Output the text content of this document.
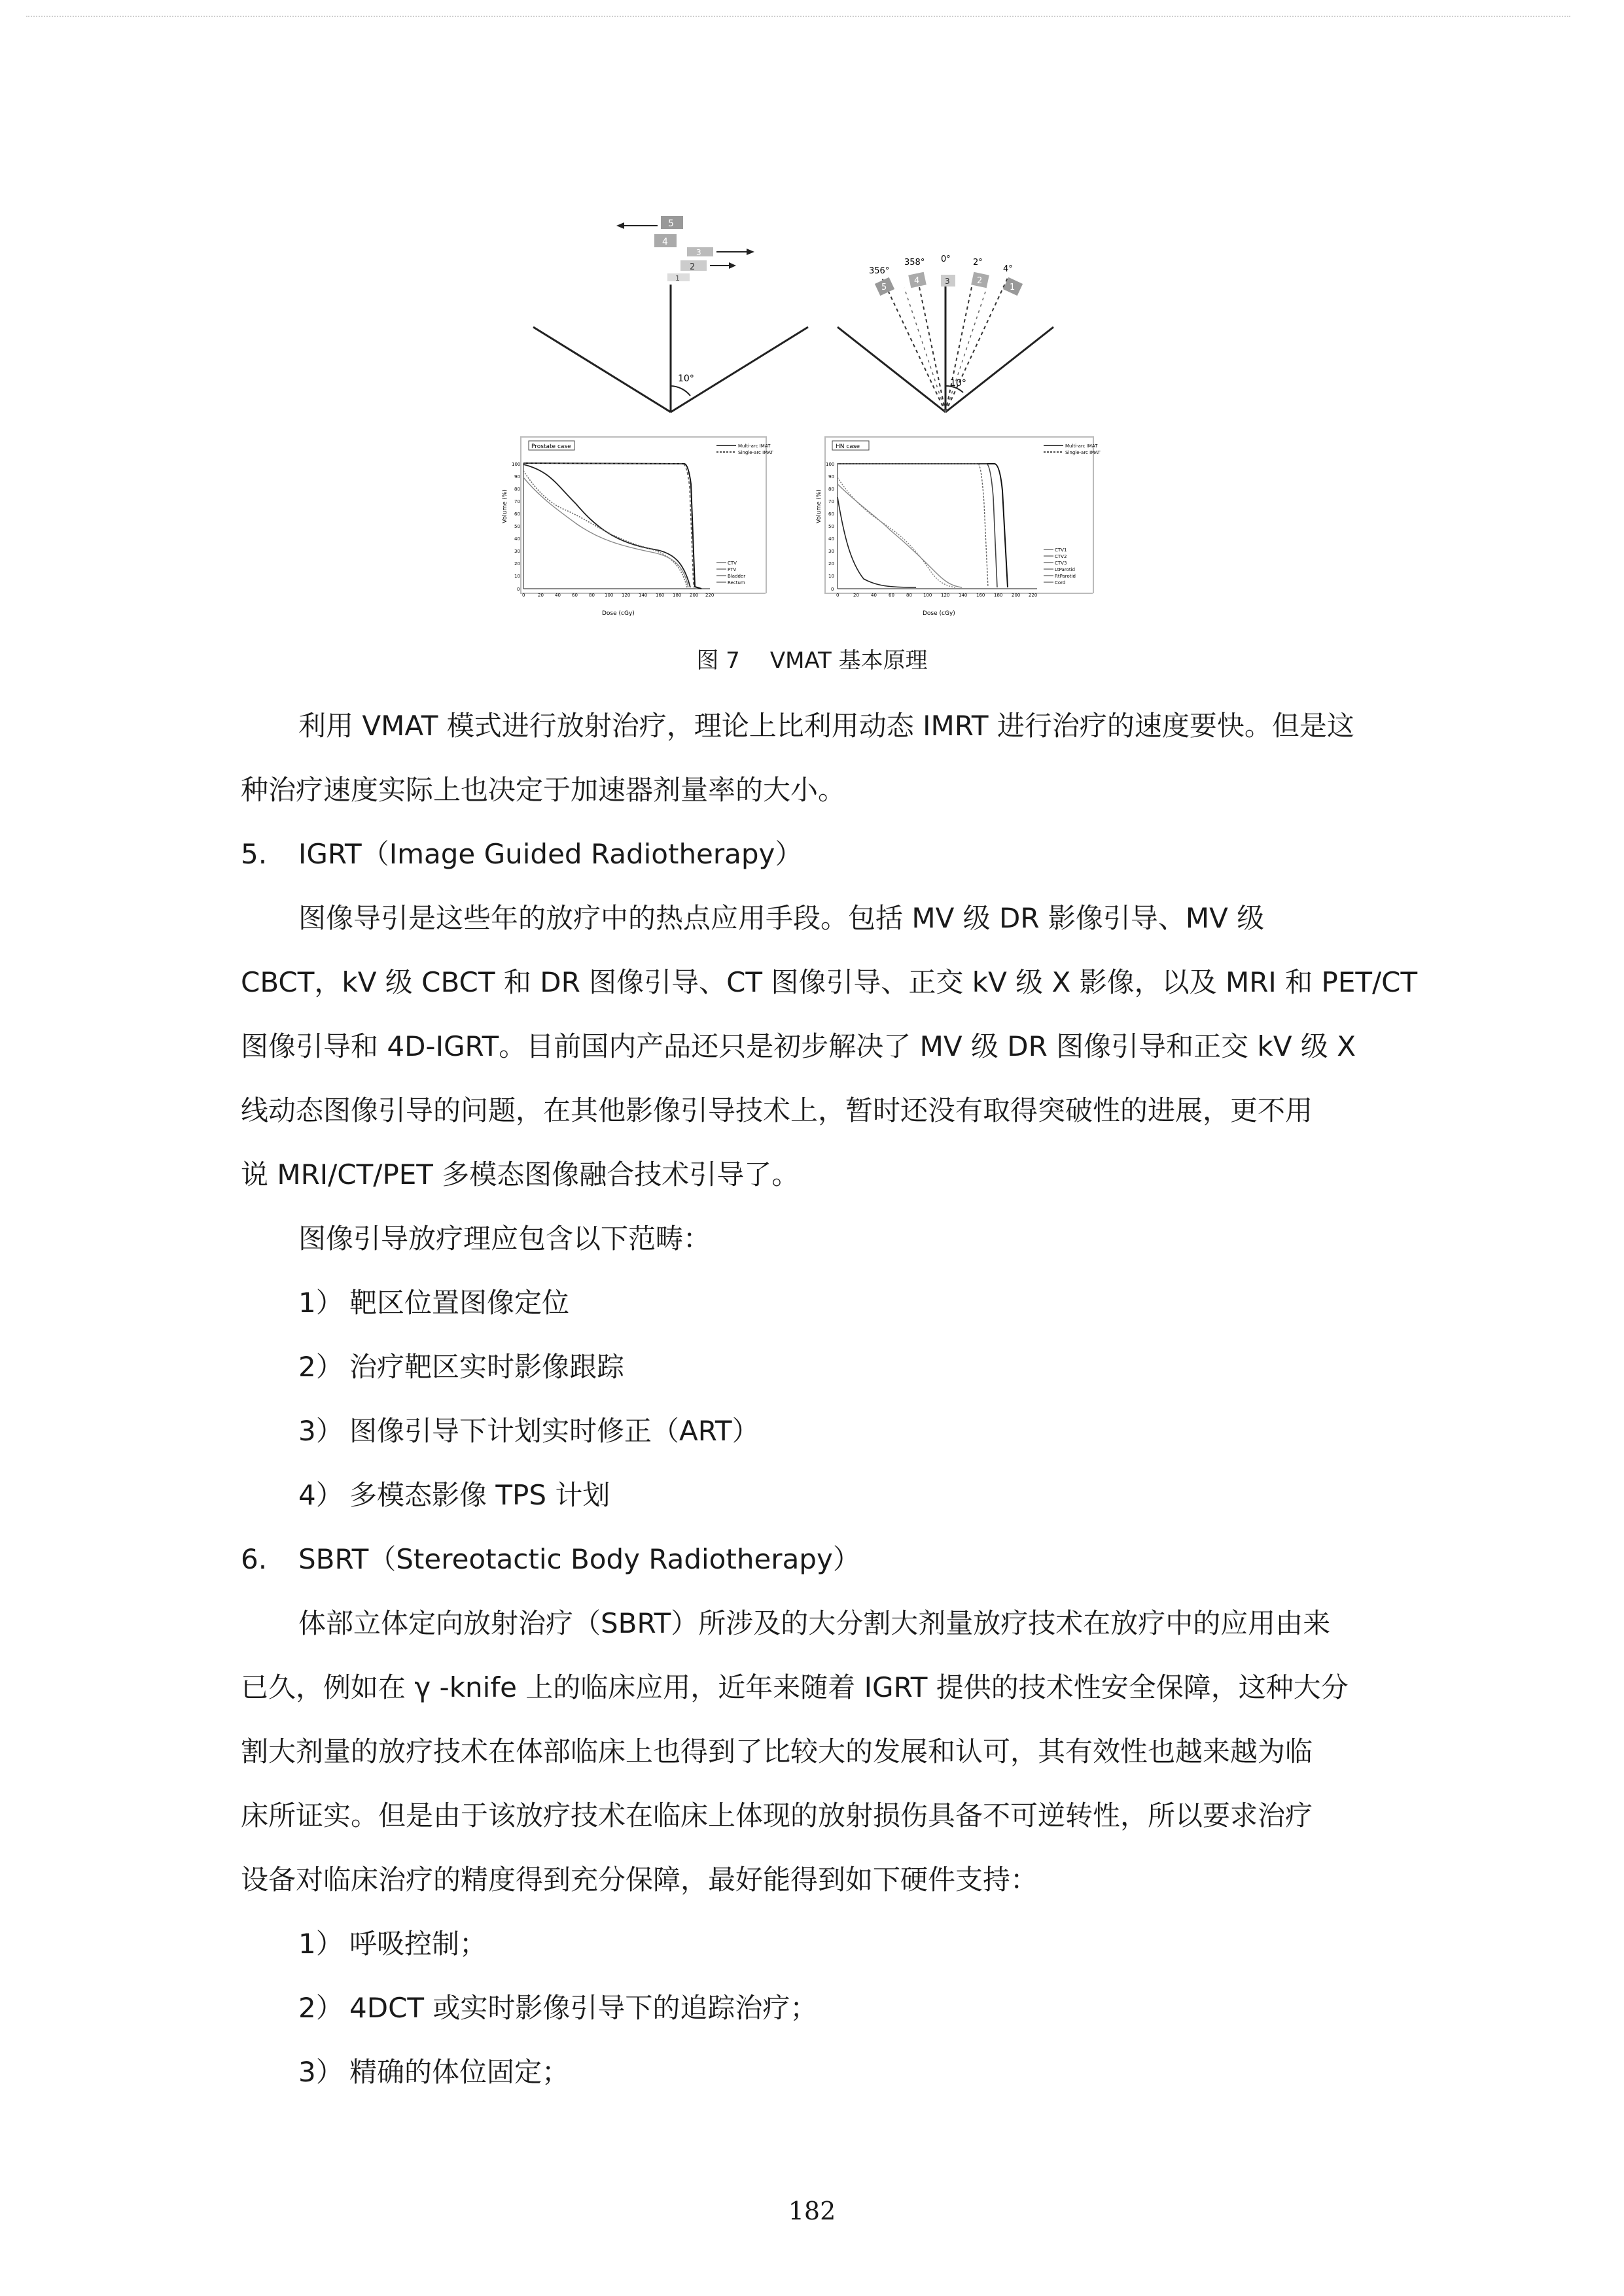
10°
5
4
3
2
1
10°
356°
358° 0°	2°
4°
5
4	3	2
1
Prostate case
Volume (%)
Dose (cGy)
100
90
80
70
60
50
40
30
20
10
0
0	20 40 60 80 100 120 140 160 180 200 220
Multi-arc IMAT
Single-arc IMAT
CTV
PTV
Bladder
Rectum
HN case
Volume (%)
Dose (cGy)
100
90
80
70
60
50
40
30
20
10
0
0	20	40	60	80 100 120 140 160 180 200 220
Multi-arc IMAT
Single-arc IMAT
CTV1
CTV2
CTV3
LtParotid
RtParotid
Cord
图 7 VMAT 基本原理
利用 VMAT 模式进行放射治疗，理论上比利用动态 IMRT 进行治疗的速度要快。但是这
种治疗速度实际上也决定于加速器剂量率的大小。
5. IGRT（Image Guided Radiotherapy）
图像导引是这些年的放疗中的热点应用手段。包括 MV 级 DR 影像引导、MV 级
CBCT，kV 级 CBCT 和 DR 图像引导、CT 图像引导、正交 kV 级 X 影像，以及 MRI 和 PET/CT
图像引导和 4D-IGRT。目前国内产品还只是初步解决了 MV 级 DR 图像引导和正交 kV 级 X
线动态图像引导的问题，在其他影像引导技术上，暂时还没有取得突破性的进展，更不用
说 MRI/CT/PET 多模态图像融合技术引导了。
图像引导放疗理应包含以下范畴：
1） 靶区位置图像定位
2） 治疗靶区实时影像跟踪
3） 图像引导下计划实时修正（ART）
4） 多模态影像 TPS 计划
6. SBRT（Stereotactic Body Radiotherapy）
体部立体定向放射治疗（SBRT）所涉及的大分割大剂量放疗技术在放疗中的应用由来
已久，例如在 γ -knife 上的临床应用，近年来随着 IGRT 提供的技术性安全保障，这种大分
割大剂量的放疗技术在体部临床上也得到了比较大的发展和认可，其有效性也越来越为临
床所证实。但是由于该放疗技术在临床上体现的放射损伤具备不可逆转性，所以要求治疗
设备对临床治疗的精度得到充分保障，最好能得到如下硬件支持：
1） 呼吸控制；
2） 4DCT 或实时影像引导下的追踪治疗；
3） 精确的体位固定；
182
